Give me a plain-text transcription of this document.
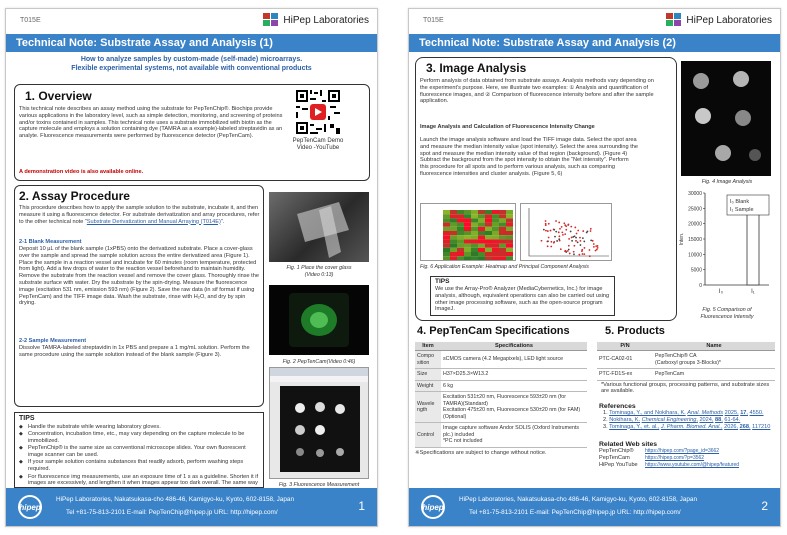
T015E	HiPep Laboratories
Technical Note: Substrate Assay and Analysis (1)
How to analyze samples by custom-made (self-made) microarrays.
Flexible experimental systems, not available with conventional products
1. Overview
This technical note describes an assay method using the substrate for PepTenChip®. Biochips provide various applications in the laboratory level, such as simple detection, monitoring, and screening of proteins and/or toxins contained in samples. This technical note uses a substrate immobilized with biotin as the capture molecule and employs a solution containing dye (TAMRA as a example)-labeled streptavidin as an analyte. Fluorescence measurements were performed by fluorescence detector (PepTenCam).
A demonstration video is also available online.
PepTenCam Demo
Video -YouTube
2. Assay Procedure
This procedure describes how to apply the sample solution to the substrate, incubate it, and then measure it using a fluorescence detector. For substrate derivatization and array procedures, refer to the other technical note “Substrate Derivatization and Manual Arraying (T014E)”.
2-1 Blank Measurement
Deposit 10 µL of the blank sample (1xPBS) onto the derivatized substrate. Place a cover-glass over the sample and spread the sample solution across the entire derivatized area (Figure 1). Place the sample in a reaction vessel and incubate for 60 minutes (room temperature, protected from light). Add a few drops of water to the reaction vessel beforehand to maintain humidity. Remove the substrate from the reaction vessel and remove the cover glass. Thoroughly rinse the substrate surface with water. Dry the substrate by the spin-drying. Measure the fluorescence image (excitation 531 nm, emission 593 nm) (Figure 2). Save the raw data (in sif format if using PepTenCam) and the TIFF image data. Wash the substrate, rinse with H₂O, and dry by spin drying.
2-2 Sample Measurement
Dissolve TAMRA-labeled streptavidin in 1x PBS and prepare a 1 mg/mL solution. Perform the same procedure using the sample solution instead of the blank sample (Figure 3).
Fig. 1 Place the cover glass
(Video 0:13)
Fig. 2 PepTenCam(Video 0:46)
Fig. 3 Fluorescence Measurement
TIPS
◆ Handle the substrate while wearing laboratory gloves.
◆ Concentration, incubation time, etc., may vary depending on the capture molecule to be immobilized.
◆ PepTenChip® is the same size as conventional microscope slides. Your own fluorescent image scanner can be used.
◆ If your sample solution contains substances that readily adsorb, perform washing steps required.
◆ For fluorescence img measurements, use an exposure time of 1 s as a guideline. Shorten it if images are excessively, and lengthen it when images appear too dark overall. The same way
hipep
HiPep Laboratories, Nakatsukasa-cho 486-46, Kamigyo-ku, Kyoto, 602-8158, Japan
Tel +81-75-813-2101 E-mail: PepTenChip@hipep.jp URL: http://hipep.com/	1
T015E	HiPep Laboratories
Technical Note: Substrate Assay and Analysis (2)
3. Image Analysis
Perform analysis of data obtained from substrate assays. Analysis methods vary depending on the experiment's purpose. Here, we illustrate two examples: ① Analysis and quantification of fluorescence images, and ② Comparison of fluorescence intensity before and after the sample application.
Image Analysis and Calculation of Fluorescence Intensity Change
Launch the image analysis software and load the TIFF image data. Select the spot area and measure the median intensity value (spot intensity). Select the area surrounding the spot and measure the median intensity value of that region (background). (Figure 4) Subtract the background from the spot intensity to obtain the “Net intensity”. Perform this procedure for all spots and to perform various analysis, such as comparing fluorescence intensities and cluster analysis. (Figure 5, 6)
Fig. 6 Application Example: Heatmap and Principal Component Analysis
TIPS
We use the Array-Pro® Analyzer (MediaCybernetics, Inc.) for image analysis, although, equivalent operations can also be carried out using other image processing software, such as the open-source program ImageJ.
Fig. 4 Image Analysis
0
5000
10000
15000
20000
25000
30000
Inten.
I₀	I₁
I₀ Blank
I₁ Sample
Fig. 5 Comparison of
Fluorescence Intensity
4. PepTenCam Specifications
Item	Specifications
Compo sition	sCMOS camera (4.2 Megapixels), LED light source
Size	H37×D25.3×W13.2
Weight	6 kg
Wavele ngth	Excitation 531±20 nm, Fluorescence 593±20 nm (for TAMRA)(Standard)
Excitation 475±20 nm, Fluorescence 530±20 nm (for FAM) (Optional)
Control	Image capture software Andor SOLIS (Oxford Instruments plc.) included
*PC not included
※Specifications are subject to change without notice.
5. Products
P/N	Name
PTC-CA02-01	PepTenChip® CA
(Carboxyl groups 3-Blocks)*
PTC-FD1S-ex	PepTenCam
*Various functional groups, processing patterns, and substrate sizes are available.
References
1. Tominaga, Y., and Nokihara, K. Anal. Methods 2025, 17, 4550.
2. Nokihara, K. Chemical Engineering, 2024, 88, 61-64.
3. Tominaga, Y., et. al., J. Pharm. Biomed. Anal., 2026, 268, 117210
Related Web sites
PepTenChip®	https://hipep.com/?page_id=3662
PepTenCam	https://hipep.com/?p=3562
HiPep YouTube	https://www.youtube.com/@hipep/featured
hipep
HiPep Laboratories, Nakatsukasa-cho 486-46, Kamigyo-ku, Kyoto, 602-8158, Japan
Tel +81-75-813-2101 E-mail: PepTenChip@hipep.jp URL: http://hipep.com/	2
